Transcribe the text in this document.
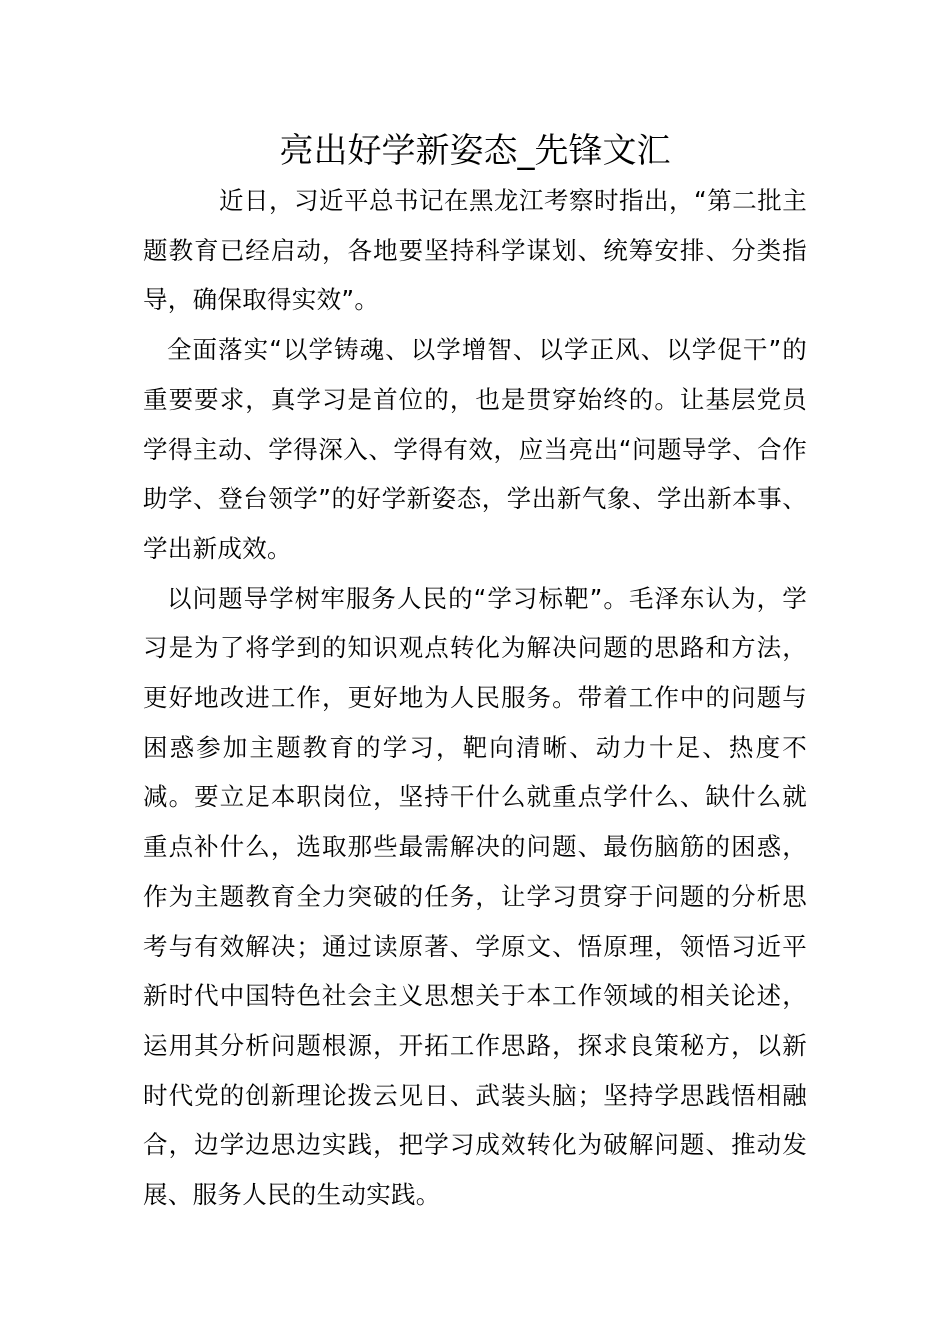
亮出好学新姿态_先锋文汇

近日，习近平总书记在黑龙江考察时指出，“第二批主题教育已经启动，各地要坚持科学谋划、统筹安排、分类指导，确保取得实效”。

全面落实“以学铸魂、以学增智、以学正风、以学促干”的重要要求，真学习是首位的，也是贯穿始终的。让基层党员学得主动、学得深入、学得有效，应当亮出“问题导学、合作助学、登台领学”的好学新姿态，学出新气象、学出新本事、学出新成效。

以问题导学树牢服务人民的“学习标靶”。毛泽东认为，学习是为了将学到的知识观点转化为解决问题的思路和方法，更好地改进工作，更好地为人民服务。带着工作中的问题与困惑参加主题教育的学习，靶向清晰、动力十足、热度不减。要立足本职岗位，坚持干什么就重点学什么、缺什么就重点补什么，选取那些最需解决的问题、最伤脑筋的困惑，作为主题教育全力突破的任务，让学习贯穿于问题的分析思考与有效解决；通过读原著、学原文、悟原理，领悟习近平新时代中国特色社会主义思想关于本工作领域的相关论述，运用其分析问题根源，开拓工作思路，探求良策秘方，以新时代党的创新理论拨云见日、武装头脑；坚持学思践悟相融合，边学边思边实践，把学习成效转化为破解问题、推动发展、服务人民的生动实践。
